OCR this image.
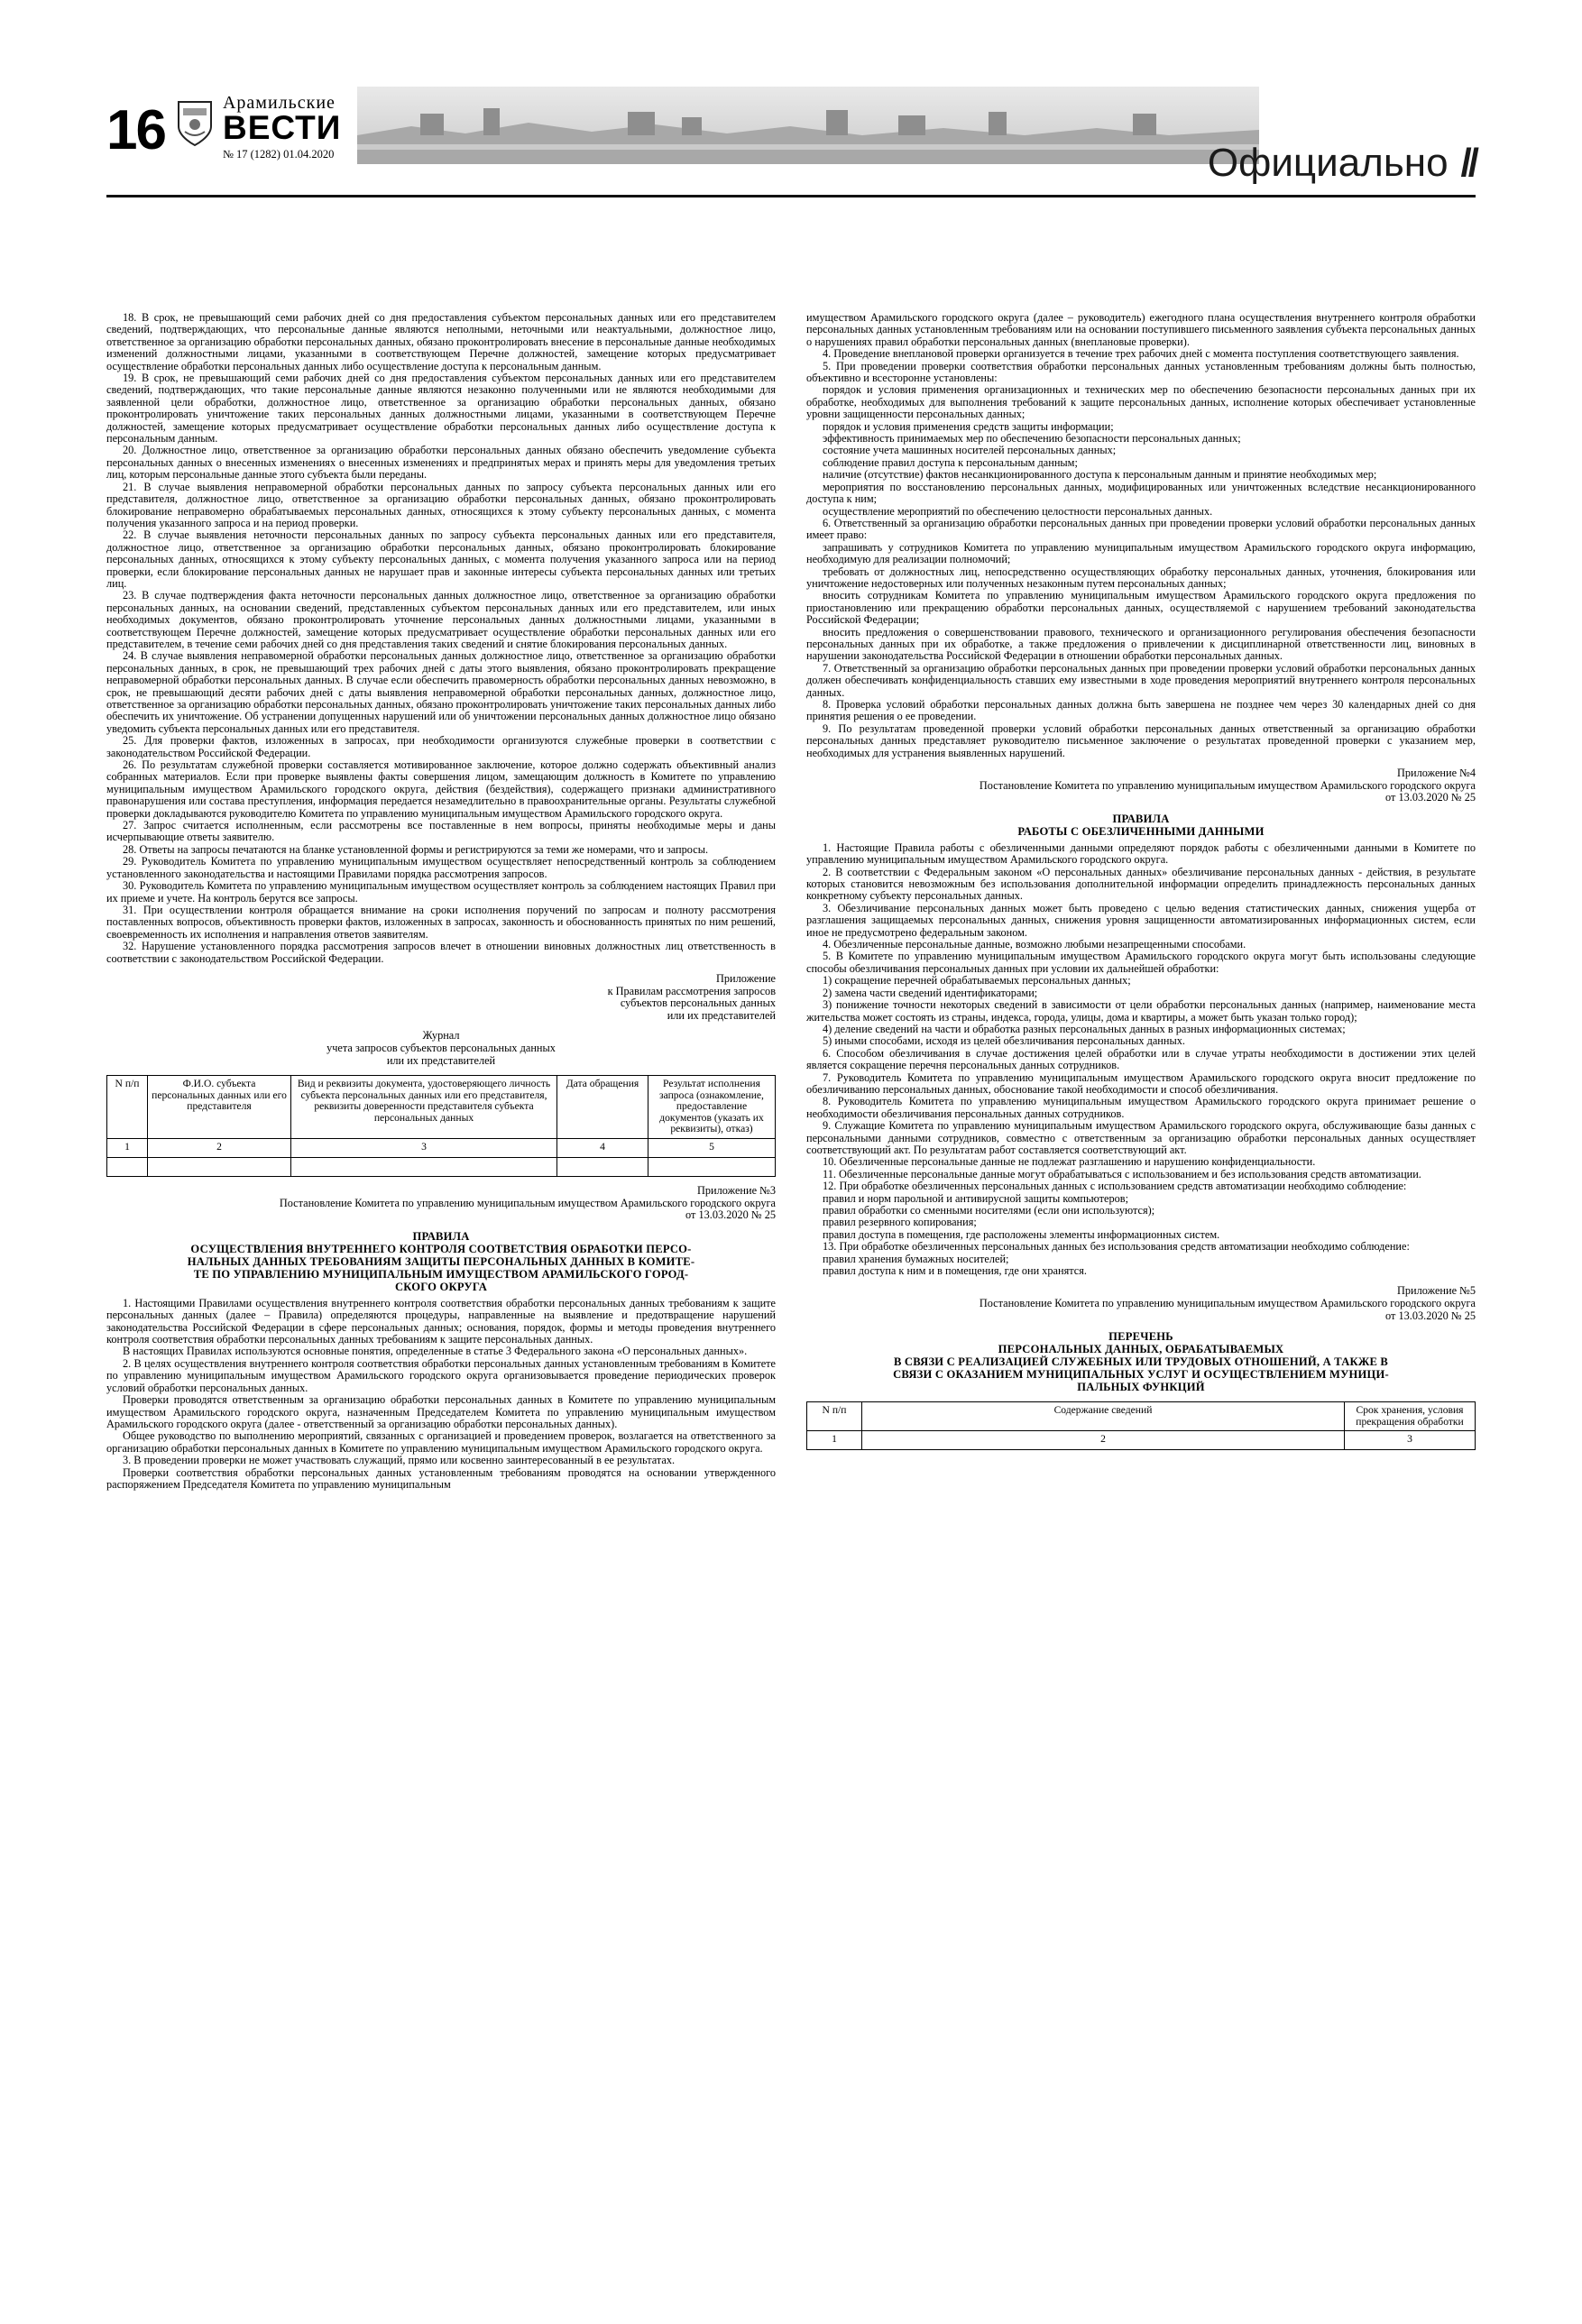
16	Арамильские
ВЕСТИ
№ 17 (1282) 01.04.2020	Официально //

18. В срок, не превышающий семи рабочих дней со дня предоставления субъектом персональных данных или его представителем сведений, подтверждающих, что персональные данные являются неполными, неточными или неактуальными, должностное лицо, ответственное за организацию обработки персональных данных, обязано проконтролировать внесение в персональные данные необходимых изменений должностными лицами, указанными в соответствующем Перечне должностей, замещение которых предусматривает осуществление обработки персональных данных либо осуществление доступа к персональным данным.

19. В срок, не превышающий семи рабочих дней со дня предоставления субъектом персональных данных или его представителем сведений, подтверждающих, что такие персональные данные являются незаконно полученными или не являются необходимыми для заявленной цели обработки, должностное лицо, ответственное за организацию обработки персональных данных, обязано проконтролировать уничтожение таких персональных данных должностными лицами, указанными в соответствующем Перечне должностей, замещение которых предусматривает осуществление обработки персональных данных либо осуществление доступа к персональным данным.

20. Должностное лицо, ответственное за организацию обработки персональных данных обязано обеспечить уведомление субъекта персональных данных о внесенных изменениях о внесенных изменениях и предпринятых мерах и принять меры для уведомления третьих лиц, которым персональные данные этого субъекта были переданы.

21. В случае выявления неправомерной обработки персональных данных по запросу субъекта персональных данных или его представителя, должностное лицо, ответственное за организацию обработки персональных данных, обязано проконтролировать блокирование неправомерно обрабатываемых персональных данных, относящихся к этому субъекту персональных данных, с момента получения указанного запроса и на период проверки.

22. В случае выявления неточности персональных данных по запросу субъекта персональных данных или его представителя, должностное лицо, ответственное за организацию обработки персональных данных, обязано проконтролировать блокирование персональных данных, относящихся к этому субъекту персональных данных, с момента получения указанного запроса или на период проверки, если блокирование персональных данных не нарушает прав и законные интересы субъекта персональных данных или третьих лиц.

23. В случае подтверждения факта неточности персональных данных должностное лицо, ответственное за организацию обработки персональных данных, на основании сведений, представленных субъектом персональных данных или его представителем, или иных необходимых документов, обязано проконтролировать уточнение персональных данных должностными лицами, указанными в соответствующем Перечне должностей, замещение которых предусматривает осуществление обработки персональных данных или его представителем, в течение семи рабочих дней со дня представления таких сведений и снятие блокирования персональных данных.

24. В случае выявления неправомерной обработки персональных данных должностное лицо, ответственное за организацию обработки персональных данных, в срок, не превышающий трех рабочих дней с даты этого выявления, обязано проконтролировать прекращение неправомерной обработки персональных данных. В случае если обеспечить правомерность обработки персональных данных невозможно, в срок, не превышающий десяти рабочих дней с даты выявления неправомерной обработки персональных данных, должностное лицо, ответственное за организацию обработки персональных данных, обязано проконтролировать уничтожение таких персональных данных либо обеспечить их уничтожение. Об устранении допущенных нарушений или об уничтожении персональных данных должностное лицо обязано уведомить субъекта персональных данных или его представителя.

25. Для проверки фактов, изложенных в запросах, при необходимости организуются служебные проверки в соответствии с законодательством Российской Федерации.

26. По результатам служебной проверки составляется мотивированное заключение, которое должно содержать объективный анализ собранных материалов. Если при проверке выявлены факты совершения лицом, замещающим должность в Комитете по управлению муниципальным имуществом Арамильского городского округа, действия (бездействия), содержащего признаки административного правонарушения или состава преступления, информация передается незамедлительно в правоохранительные органы. Результаты служебной проверки докладываются руководителю Комитета по управлению муниципальным имуществом Арамильского городского округа.

27. Запрос считается исполненным, если рассмотрены все поставленные в нем вопросы, приняты необходимые меры и даны исчерпывающие ответы заявителю.

28. Ответы на запросы печатаются на бланке установленной формы и регистрируются за теми же номерами, что и запросы.

29. Руководитель Комитета по управлению муниципальным имуществом осуществляет непосредственный контроль за соблюдением установленного законодательства и настоящими Правилами порядка рассмотрения запросов.

30. Руководитель Комитета по управлению муниципальным имуществом осуществляет контроль за соблюдением настоящих Правил при их приеме и учете. На контроль берутся все запросы.

31. При осуществлении контроля обращается внимание на сроки исполнения поручений по запросам и полноту рассмотрения поставленных вопросов, объективность проверки фактов, изложенных в запросах, законность и обоснованность принятых по ним решений, своевременность их исполнения и направления ответов заявителям.

32. Нарушение установленного порядка рассмотрения запросов влечет в отношении виновных должностных лиц ответственность в соответствии с законодательством Российской Федерации.

Приложение

к Правилам рассмотрения запросов

субъектов персональных данных

или их представителей

Журнал

учета запросов субъектов персональных данных

или их представителей

N п/п	Ф.И.О. субъекта персональных данных или его представителя	Вид и реквизиты документа, удостоверяющего личность субъекта персональных данных или его представителя, реквизиты доверенности представителя субъекта персональных данных	Дата обращения	Результат исполнения запроса (ознакомление, предоставление документов (указать их реквизиты), отказ)
1	2	3	4	5

Приложение №3

Постановление Комитета по управлению муниципальным имуществом Арамильского городского округа

от 13.03.2020 № 25

ПРАВИЛА

ОСУЩЕСТВЛЕНИЯ ВНУТРЕННЕГО КОНТРОЛЯ СООТВЕТСТВИЯ ОБРАБОТКИ ПЕРСО-

НАЛЬНЫХ ДАННЫХ ТРЕБОВАНИЯМ ЗАЩИТЫ ПЕРСОНАЛЬНЫХ ДАННЫХ В КОМИТЕ-

ТЕ ПО УПРАВЛЕНИЮ МУНИЦИПАЛЬНЫМ ИМУЩЕСТВОМ АРАМИЛЬСКОГО ГОРОД-

СКОГО ОКРУГА

1. Настоящими Правилами осуществления внутреннего контроля соответствия обработки персональных данных требованиям к защите персональных данных (далее – Правила) определяются процедуры, направленные на выявление и предотвращение нарушений законодательства Российской Федерации в сфере персональных данных; основания, порядок, формы и методы проведения внутреннего контроля соответствия обработки персональных данных требованиям к защите персональных данных.

В настоящих Правилах используются основные понятия, определенные в статье 3 Федерального закона «О персональных данных».

2. В целях осуществления внутреннего контроля соответствия обработки персональных данных установленным требованиям в Комитете по управлению муниципальным имуществом Арамильского городского округа организовывается проведение периодических проверок условий обработки персональных данных.

Проверки проводятся ответственным за организацию обработки персональных данных в Комитете по управлению муниципальным имуществом Арамильского городского округа, назначенным Председателем Комитета по управлению муниципальным имуществом Арамильского городского округа (далее - ответственный за организацию обработки персональных данных).

Общее руководство по выполнению мероприятий, связанных с организацией и проведением проверок, возлагается на ответственного за организацию обработки персональных данных в Комитете по управлению муниципальным имуществом Арамильского городского округа.

3. В проведении проверки не может участвовать служащий, прямо или косвенно заинтересованный в ее результатах.

Проверки соответствия обработки персональных данных установленным требованиям проводятся на основании утвержденного распоряжением Председателя Комитета по управлению муниципальным

имуществом Арамильского городского округа (далее – руководитель) ежегодного плана осуществления внутреннего контроля обработки персональных данных установленным требованиям или на основании поступившего письменного заявления субъекта персональных данных о нарушениях правил обработки персональных данных (внеплановые проверки).

4. Проведение внеплановой проверки организуется в течение трех рабочих дней с момента поступления соответствующего заявления.

5. При проведении проверки соответствия обработки персональных данных установленным требованиям должны быть полностью, объективно и всесторонне установлены:

порядок и условия применения организационных и технических мер по обеспечению безопасности персональных данных при их обработке, необходимых для выполнения требований к защите персональных данных, исполнение которых обеспечивает установленные уровни защищенности персональных данных;

порядок и условия применения средств защиты информации;

эффективность принимаемых мер по обеспечению безопасности персональных данных;

состояние учета машинных носителей персональных данных;

соблюдение правил доступа к персональным данным;

наличие (отсутствие) фактов несанкционированного доступа к персональным данным и принятие необходимых мер;

мероприятия по восстановлению персональных данных, модифицированных или уничтоженных вследствие несанкционированного доступа к ним;

осуществление мероприятий по обеспечению целостности персональных данных.

6. Ответственный за организацию обработки персональных данных при проведении проверки условий обработки персональных данных имеет право:

запрашивать у сотрудников Комитета по управлению муниципальным имуществом Арамильского городского округа информацию, необходимую для реализации полномочий;

требовать от должностных лиц, непосредственно осуществляющих обработку персональных данных, уточнения, блокирования или уничтожение недостоверных или полученных незаконным путем персональных данных;

вносить сотрудникам Комитета по управлению муниципальным имуществом Арамильского городского округа предложения по приостановлению или прекращению обработки персональных данных, осуществляемой с нарушением требований законодательства Российской Федерации;

вносить предложения о совершенствовании правового, технического и организационного регулирования обеспечения безопасности персональных данных при их обработке, а также предложения о привлечении к дисциплинарной ответственности лиц, виновных в нарушении законодательства Российской Федерации в отношении обработки персональных данных.

7. Ответственный за организацию обработки персональных данных при проведении проверки условий обработки персональных данных должен обеспечивать конфиденциальность ставших ему известными в ходе проведения мероприятий внутреннего контроля персональных данных.

8. Проверка условий обработки персональных данных должна быть завершена не позднее чем через 30 календарных дней со дня принятия решения о ее проведении.

9. По результатам проведенной проверки условий обработки персональных данных ответственный за организацию обработки персональных данных представляет руководителю письменное заключение о результатах проведенной проверки с указанием мер, необходимых для устранения выявленных нарушений.

Приложение №4

Постановление Комитета по управлению муниципальным имуществом Арамильского городского округа

от 13.03.2020 № 25

ПРАВИЛА

РАБОТЫ С ОБЕЗЛИЧЕННЫМИ ДАННЫМИ

1. Настоящие Правила работы с обезличенными данными определяют порядок работы с обезличенными данными в Комитете по управлению муниципальным имуществом Арамильского городского округа.

2. В соответствии с Федеральным законом «О персональных данных» обезличивание персональных данных - действия, в результате которых становится невозможным без использования дополнительной информации определить принадлежность персональных данных конкретному субъекту персональных данных.

3. Обезличивание персональных данных может быть проведено с целью ведения статистических данных, снижения ущерба от разглашения защищаемых персональных данных, снижения уровня защищенности автоматизированных информационных систем, если иное не предусмотрено федеральным законом.

4. Обезличенные персональные данные, возможно любыми незапрещенными способами.

5. В Комитете по управлению муниципальным имуществом Арамильского городского округа могут быть использованы следующие способы обезличивания персональных данных при условии их дальнейшей обработки:

1) сокращение перечней обрабатываемых персональных данных;

2) замена части сведений идентификаторами;

3) понижение точности некоторых сведений в зависимости от цели обработки персональных данных (например, наименование места жительства может состоять из страны, индекса, города, улицы, дома и квартиры, а может быть указан только город);

4) деление сведений на части и обработка разных персональных данных в разных информационных системах;

5) иными способами, исходя из целей обезличивания персональных данных.

6. Способом обезличивания в случае достижения целей обработки или в случае утраты необходимости в достижении этих целей является сокращение перечня персональных данных сотрудников.

7. Руководитель Комитета по управлению муниципальным имуществом Арамильского городского округа вносит предложение по обезличиванию персональных данных, обоснование такой необходимости и способ обезличивания.

8. Руководитель Комитета по управлению муниципальным имуществом Арамильского городского округа принимает решение о необходимости обезличивания персональных данных сотрудников.

9. Служащие Комитета по управлению муниципальным имуществом Арамильского городского округа, обслуживающие базы данных с персональными данными сотрудников, совместно с ответственным за организацию обработки персональных данных осуществляет соответствующий акт. По результатам работ составляется соответствующий акт.

10. Обезличенные персональные данные не подлежат разглашению и нарушению конфиденциальности.

11. Обезличенные персональные данные могут обрабатываться с использованием и без использования средств автоматизации.

12. При обработке обезличенных персональных данных с использованием средств автоматизации необходимо соблюдение:

правил и норм парольной и антивирусной защиты компьютеров;

правил обработки со сменными носителями (если они используются);

правил резервного копирования;

правил доступа в помещения, где расположены элементы информационных систем.

13. При обработке обезличенных персональных данных без использования средств автоматизации необходимо соблюдение:

правил хранения бумажных носителей;

правил доступа к ним и в помещения, где они хранятся.

Приложение №5

Постановление Комитета по управлению муниципальным имуществом Арамильского городского округа

от 13.03.2020 № 25

ПЕРЕЧЕНЬ

ПЕРСОНАЛЬНЫХ ДАННЫХ, ОБРАБАТЫВАЕМЫХ

В СВЯЗИ С РЕАЛИЗАЦИЕЙ СЛУЖЕБНЫХ ИЛИ ТРУДОВЫХ ОТНОШЕНИЙ, А ТАКЖЕ В

СВЯЗИ С ОКАЗАНИЕМ МУНИЦИПАЛЬНЫХ УСЛУГ И ОСУЩЕСТВЛЕНИЕМ МУНИЦИ-

ПАЛЬНЫХ ФУНКЦИЙ

N п/п	Содержание сведений	Срок хранения, условия прекращения обработки
1	2	3
